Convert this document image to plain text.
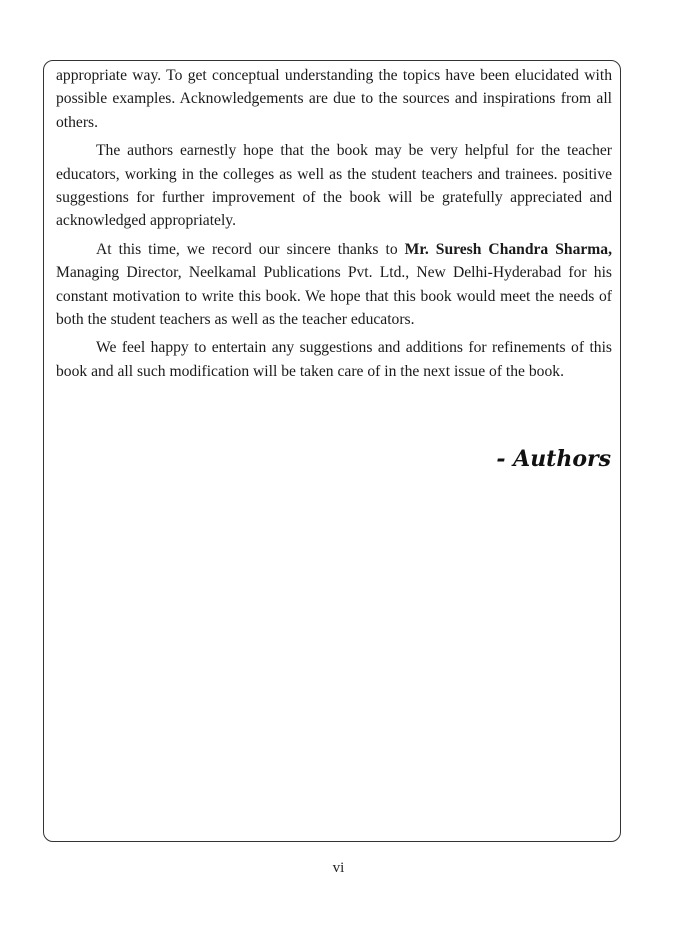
appropriate way. To get conceptual understanding the topics have been elucidated with possible examples. Acknowledgements are due to the sources and inspirations from all others.

The authors earnestly hope that the book may be very helpful for the teacher educators, working in the colleges as well as the student teachers and trainees. positive suggestions for further improvement of the book will be gratefully appreciated and acknowledged appropriately.

At this time, we record our sincere thanks to Mr. Suresh Chandra Sharma, Managing Director, Neelkamal Publications Pvt. Ltd., New Delhi-Hyderabad for his constant motivation to write this book. We hope that this book would meet the needs of both the student teachers as well as the teacher educators.

We feel happy to entertain any suggestions and additions for refinements of this book and all such modification will be taken care of in the next issue of the book.

- Authors
vi
